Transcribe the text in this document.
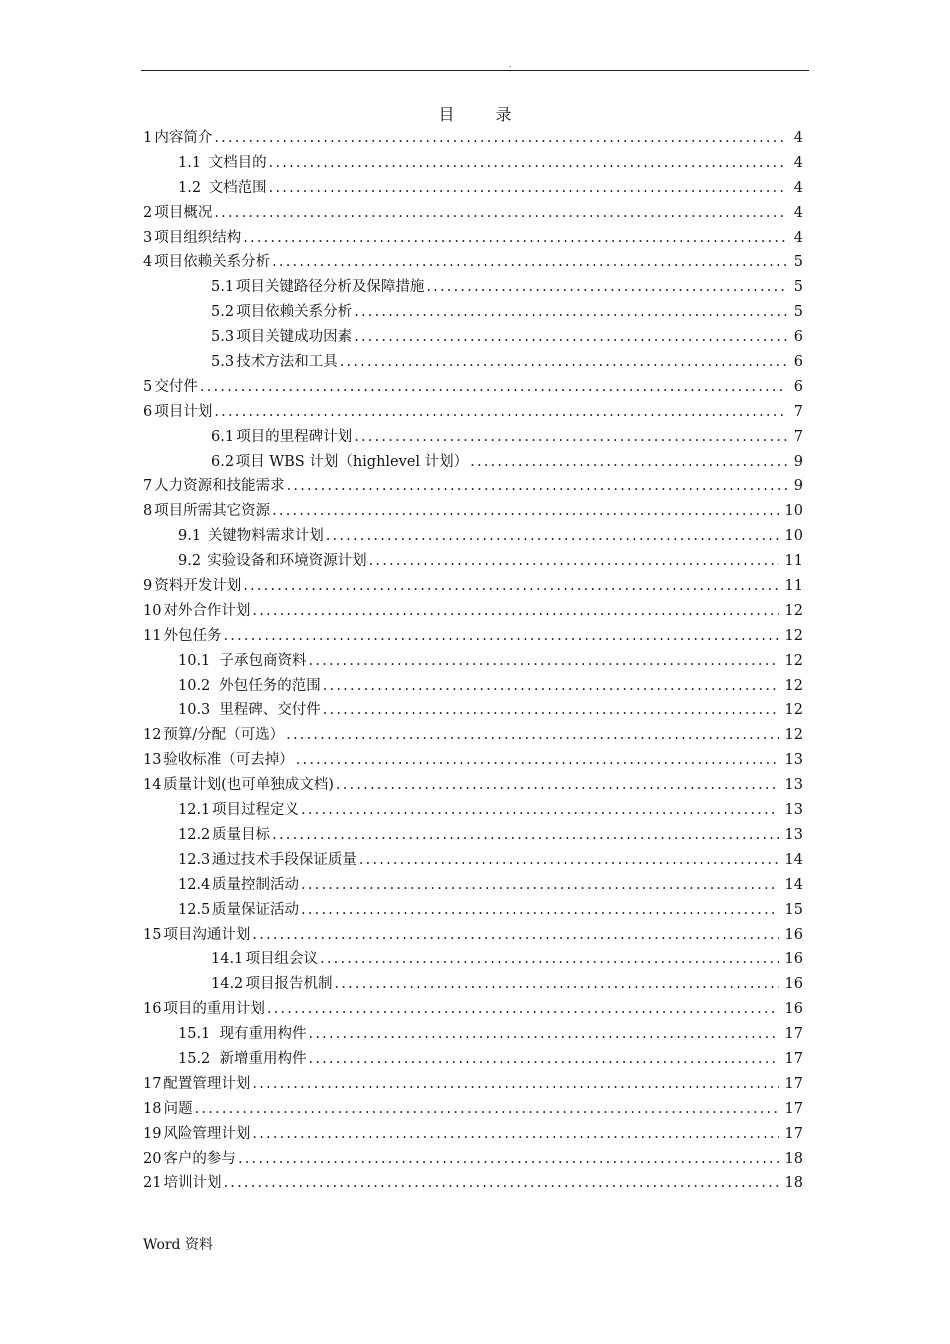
.
目 录
1 内容简介 .....	4
1.1 文档目的 .....	4
1.2 文档范围 .....	4
2 项目概况 .....	4
3 项目组织结构 .....	4
4 项目依赖关系分析 .....	5
5.1 项目关键路径分析及保障措施 .....	5
5.2 项目依赖关系分析 .....	5
5.3 项目关键成功因素 .....	6
5.3 技术方法和工具 .....	6
5 交付件 .....	6
6 项目计划 .....	7
6.1 项目的里程碑计划 .....	7
6.2 项目 WBS 计划（highlevel 计划） .....	9
7 人力资源和技能需求 .....	9
8 项目所需其它资源 .....	10
9.1 关键物料需求计划 .....	10
9.2 实验设备和环境资源计划 .....	11
9 资料开发计划 .....	11
10 对外合作计划 .....	12
11 外包任务 .....	12
10.1 子承包商资料 .....	12
10.2 外包任务的范围 .....	12
10.3 里程碑、交付件 .....	12
12 预算/分配（可选） .....	12
13 验收标准（可去掉） .....	13
14 质量计划(也可单独成文档) .....	13
12.1 项目过程定义 .....	13
12.2 质量目标 .....	13
12.3 通过技术手段保证质量 .....	14
12.4 质量控制活动 .....	14
12.5 质量保证活动 .....	15
15 项目沟通计划 .....	16
14.1 项目组会议 .....	16
14.2 项目报告机制 .....	16
16 项目的重用计划 .....	16
15.1 现有重用构件 .....	17
15.2 新增重用构件 .....	17
17 配置管理计划 .....	17
18 问题 .....	17
19 风险管理计划 .....	17
20 客户的参与 .....	18
21 培训计划 .....	18
Word 资料
